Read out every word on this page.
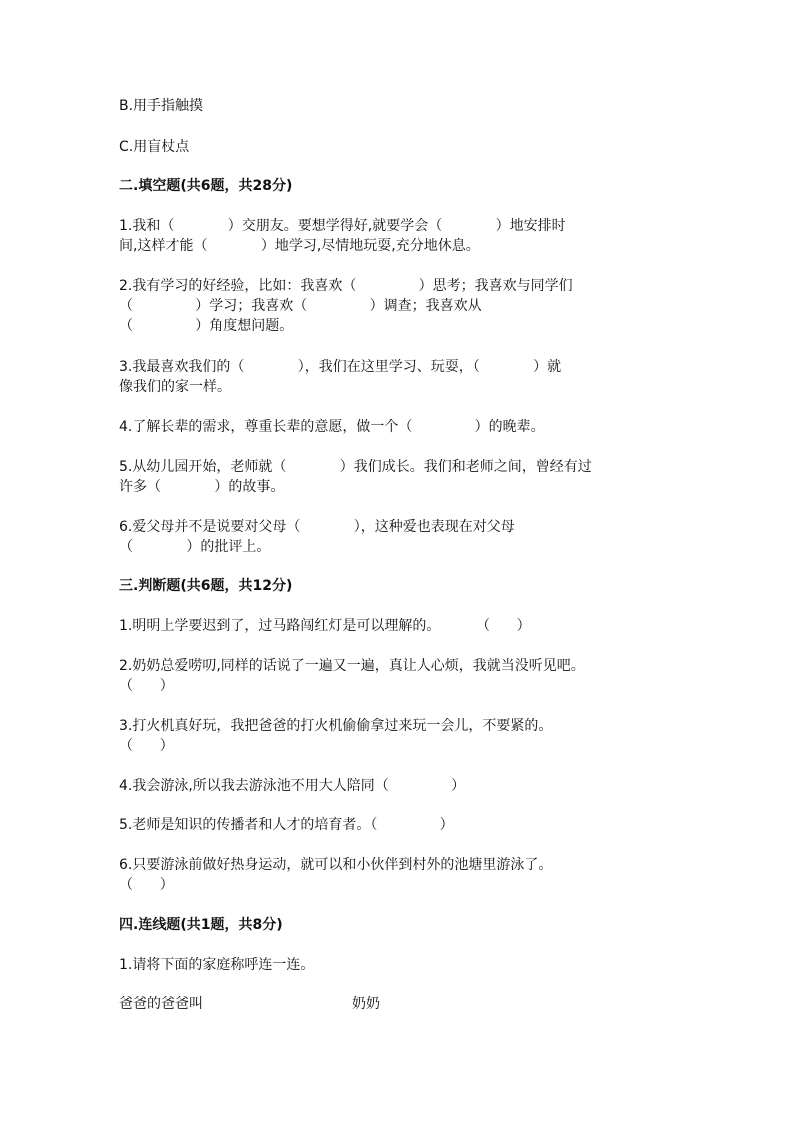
B.用手指触摸
C.用盲杖点
二.填空题(共6题，共28分)
1.我和（            ）交朋友。要想学得好,就要学会（            ）地安排时
间,这样才能（            ）地学习,尽情地玩耍,充分地休息。
2.我有学习的好经验，比如：我喜欢（              ）思考；我喜欢与同学们
（              ）学习；我喜欢（              ）调查；我喜欢从
（              ）角度想问题。
3.我最喜欢我们的（            ），我们在这里学习、玩耍，（            ）就
像我们的家一样。
4.了解长辈的需求，尊重长辈的意愿，做一个（              ）的晚辈。
5.从幼儿园开始，老师就（            ）我们成长。我们和老师之间，曾经有过
许多（            ）的故事。
6.爱父母并不是说要对父母（            ），这种爱也表现在对父母
（            ）的批评上。
三.判断题(共6题，共12分)
1.明明上学要迟到了，过马路闯红灯是可以理解的。        （      ）
2.奶奶总爱唠叨,同样的话说了一遍又一遍，真让人心烦，我就当没听见吧。
（      ）
3.打火机真好玩，我把爸爸的打火机偷偷拿过来玩一会儿，不要紧的。
（      ）
4.我会游泳,所以我去游泳池不用大人陪同（              ）
5.老师是知识的传播者和人才的培育者。（              ）
6.只要游泳前做好热身运动，就可以和小伙伴到村外的池塘里游泳了。
（      ）
四.连线题(共1题，共8分)
1.请将下面的家庭称呼连一连。
爸爸的爸爸叫	奶奶
